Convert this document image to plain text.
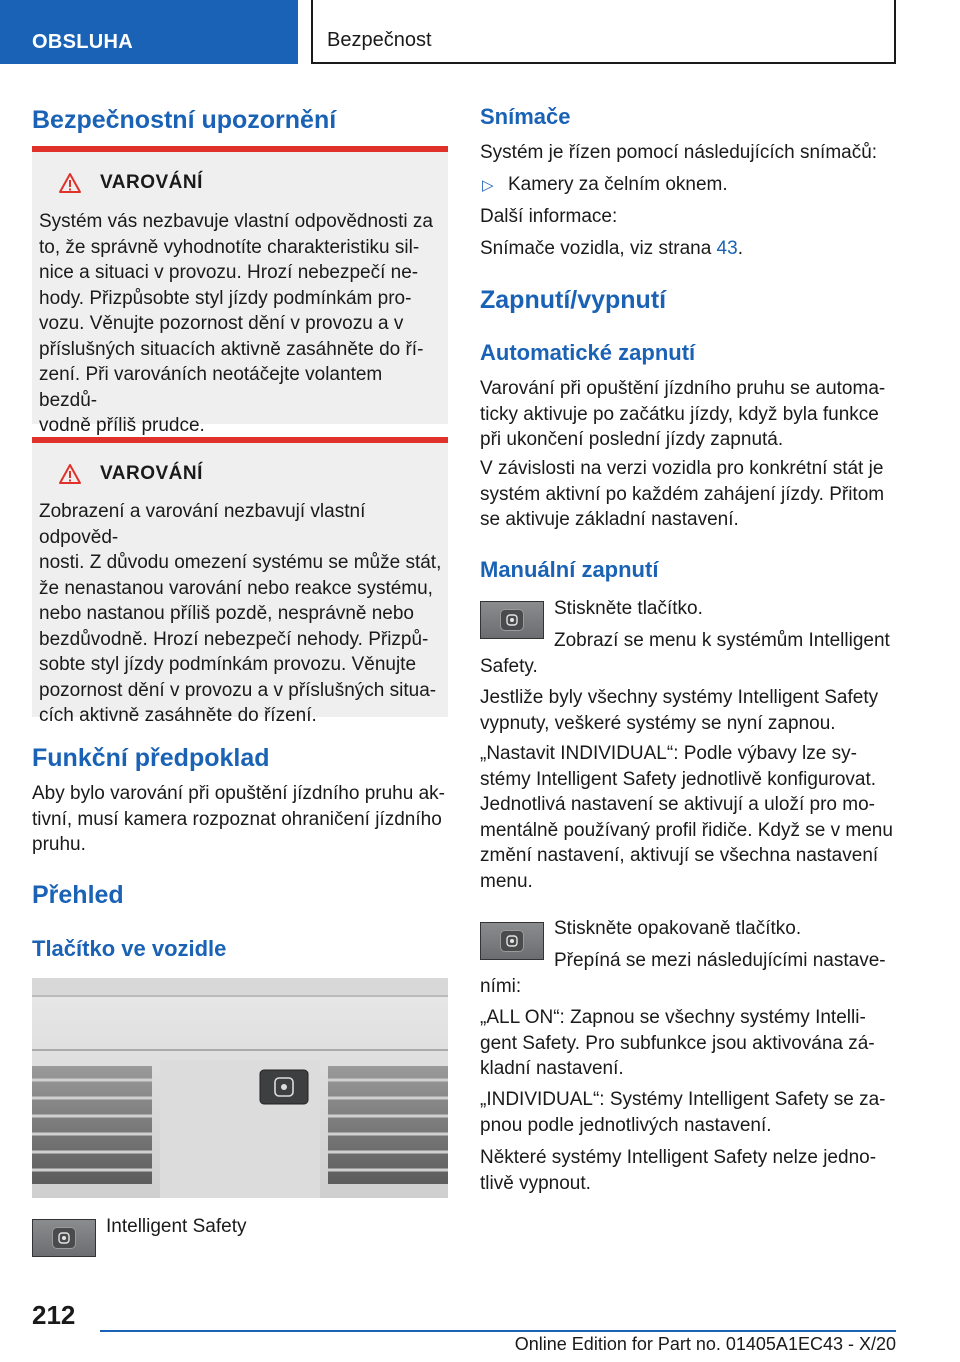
OBSLUHA	Bezpečnost
Bezpečnostní upozornění
VAROVÁNÍ
Systém vás nezbavuje vlastní odpovědnosti za
to, že správně vyhodnotíte charakteristiku sil-
nice a situaci v provozu. Hrozí nebezpečí ne-
hody. Přizpůsobte styl jízdy podmínkám pro-
vozu. Věnujte pozornost dění v provozu a v
příslušných situacích aktivně zasáhněte do ří-
zení. Při varováních neotáčejte volantem bezdů-
vodně příliš prudce.
VAROVÁNÍ
Zobrazení a varování nezbavují vlastní odpověd-
nosti. Z důvodu omezení systému se může stát,
že nenastanou varování nebo reakce systému,
nebo nastanou příliš pozdě, nesprávně nebo
bezdůvodně. Hrozí nebezpečí nehody. Přizpů-
sobte styl jízdy podmínkám provozu. Věnujte
pozornost dění v provozu a v příslušných situa-
cích aktivně zasáhněte do řízení.
Funkční předpoklad
Aby bylo varování při opuštění jízdního pruhu ak-
tivní, musí kamera rozpoznat ohraničení jízdního
pruhu.
Přehled
Tlačítko ve vozidle
Intelligent Safety
Snímače
Systém je řízen pomocí následujících snímačů:
▷ Kamery za čelním oknem.
Další informace:
Snímače vozidla, viz strana 43.
Zapnutí/vypnutí
Automatické zapnutí
Varování při opuštění jízdního pruhu se automa-
ticky aktivuje po začátku jízdy, když byla funkce
při ukončení poslední jízdy zapnutá.
V závislosti na verzi vozidla pro konkrétní stát je
systém aktivní po každém zahájení jízdy. Přitom
se aktivuje základní nastavení.
Manuální zapnutí
Stiskněte tlačítko.
Zobrazí se menu k systémům Intelligent
Safety.
Jestliže byly všechny systémy Intelligent Safety
vypnuty, veškeré systémy se nyní zapnou.
„Nastavit INDIVIDUAL“: Podle výbavy lze sy-
stémy Intelligent Safety jednotlivě konfigurovat.
Jednotlivá nastavení se aktivují a uloží pro mo-
mentálně používaný profil řidiče. Když se v menu
změní nastavení, aktivují se všechna nastavení
menu.
Stiskněte opakovaně tlačítko.
Přepíná se mezi následujícími nastave-
ními:
„ALL ON“: Zapnou se všechny systémy Intelli-
gent Safety. Pro subfunkce jsou aktivována zá-
kladní nastavení.
„INDIVIDUAL“: Systémy Intelligent Safety se za-
pnou podle jednotlivých nastavení.
Některé systémy Intelligent Safety nelze jedno-
tlivě vypnout.
212
Online Edition for Part no. 01405A1EC43 - X/20
